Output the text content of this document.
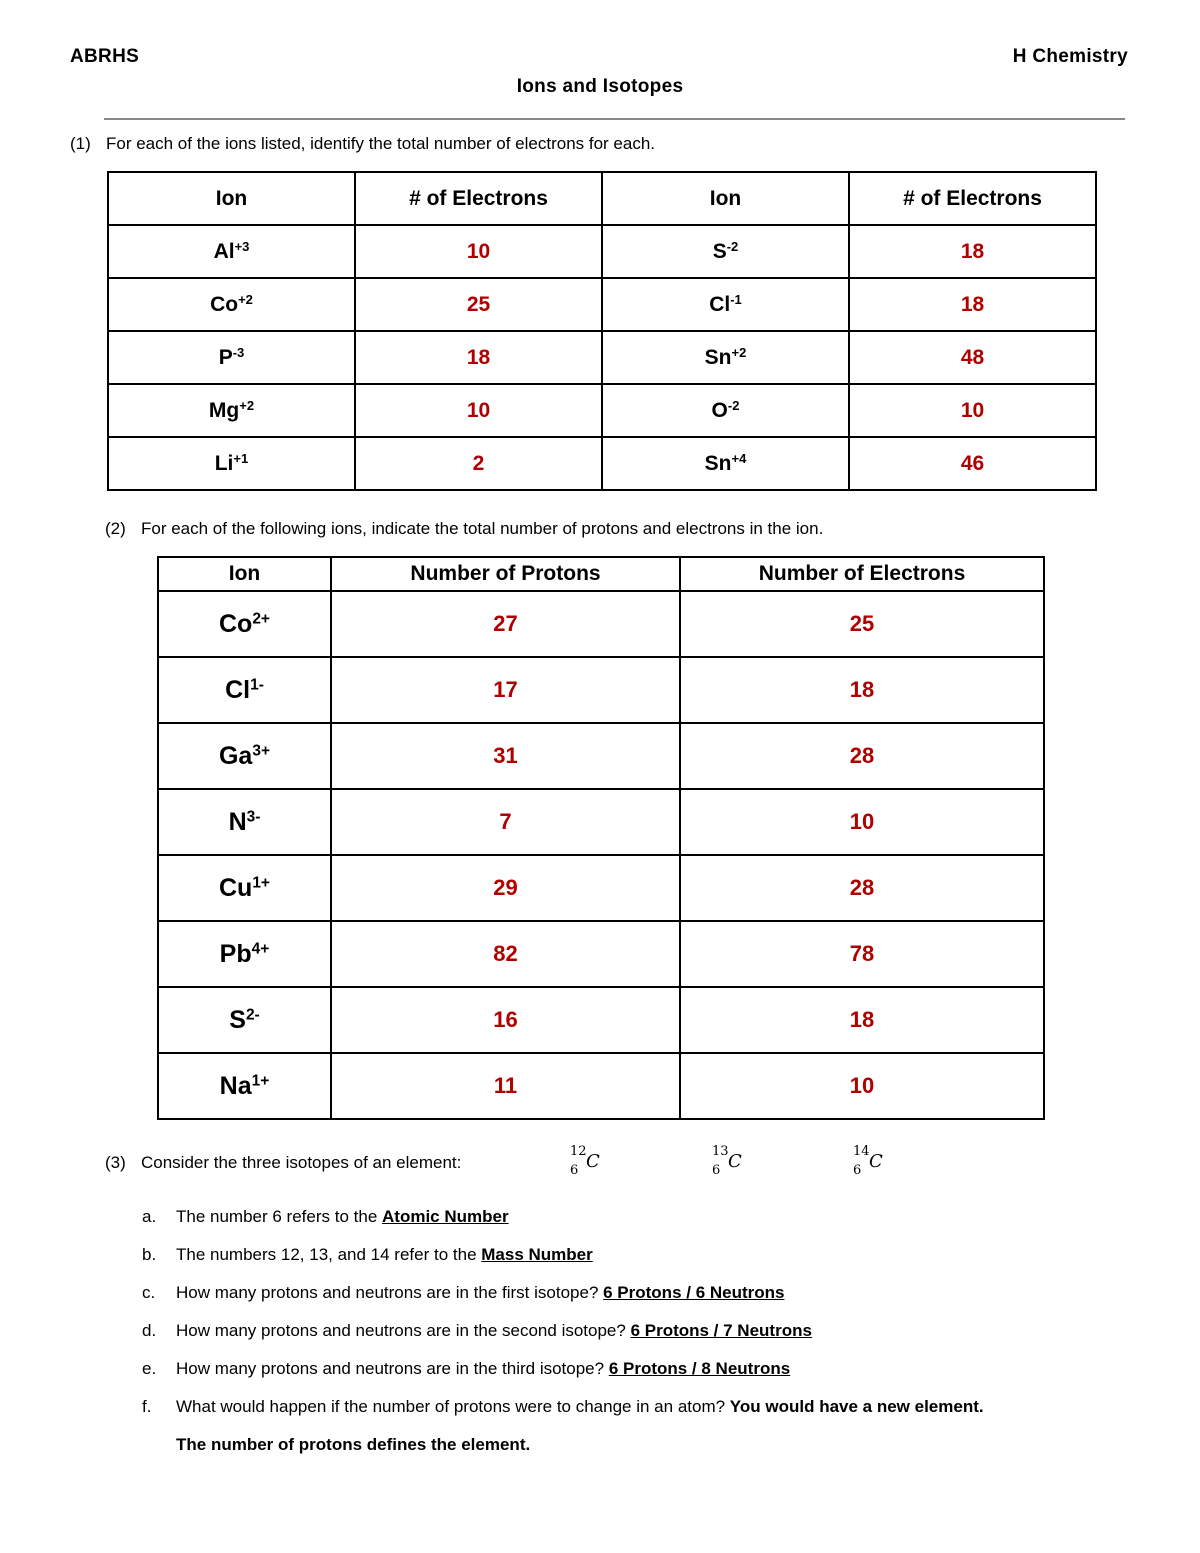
ABRHS	H Chemistry
Ions and Isotopes
(1) For each of the ions listed, identify the total number of electrons for each.
Ion	# of Electrons	Ion	# of Electrons
$Al^{+3}$	10	$S^{-2}$	18
$Co^{+2}$	25	$Cl^{-1}$	18
$P^{-3}$	18	$Sn^{+2}$	48
$Mg^{+2}$	10	$O^{-2}$	10
$Li^{+1}$	2	$Sn^{+4}$	46
(2) For each of the following ions, indicate the total number of protons and electrons in the ion.
Ion	Number of Protons	Number of Electrons
$Co^{2+}$	27	25
$Cl^{1-}$	17	18
$Ga^{3+}$	31	28
$N^{3-}$	7	10
$Cu^{1+}$	29	28
$Pb^{4+}$	82	78
$S^{2-}$	16	18
$Na^{1+}$	11	10
(3) Consider the three isotopes of an element:
12
6 C	13
6 C	14
6 C
a. The number 6 refers to the Atomic Number
b. The numbers 12, 13, and 14 refer to the Mass Number
c. How many protons and neutrons are in the first isotope? 6 Protons / 6 Neutrons
d. How many protons and neutrons are in the second isotope? 6 Protons / 7 Neutrons
e. How many protons and neutrons are in the third isotope? 6 Protons / 8 Neutrons
f. What would happen if the number of protons were to change in an atom? You would have a new element.
The number of protons defines the element.
